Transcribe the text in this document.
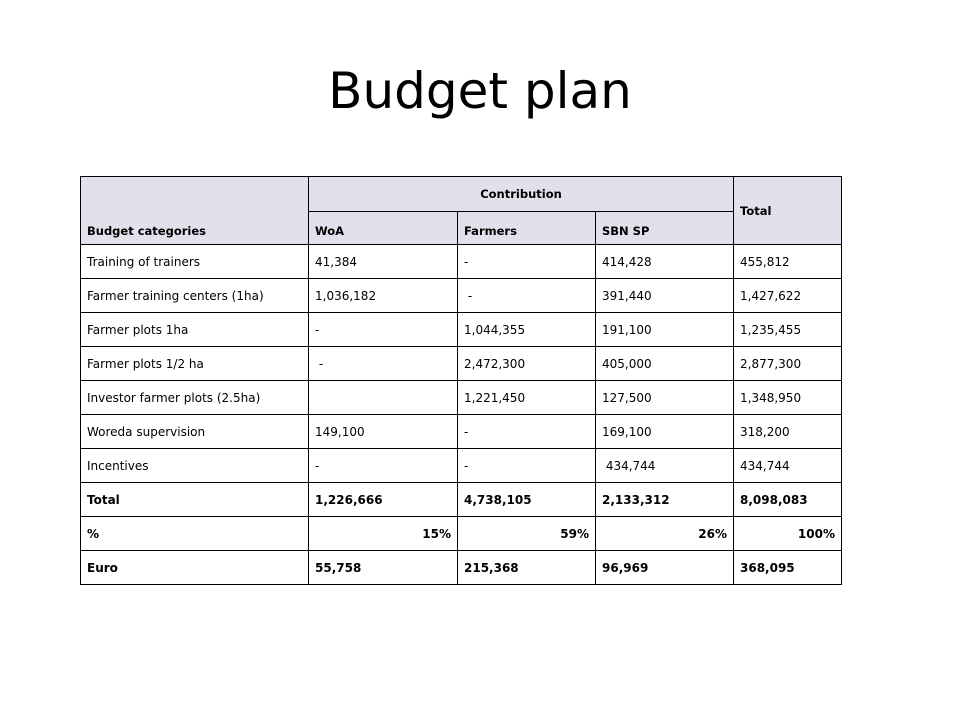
Budget plan
Budget categories	Contribution			Total
	WoA	Farmers	SBN SP	
Training of trainers	41,384	-	414,428	455,812
Farmer training centers (1ha)	1,036,182	-	391,440	1,427,622
Farmer plots 1ha	-	1,044,355	191,100	1,235,455
Farmer plots 1/2 ha	-	2,472,300	405,000	2,877,300
Investor farmer plots (2.5ha)		1,221,450	127,500	1,348,950
Woreda supervision	149,100	-	169,100	318,200
Incentives	-	-	434,744	434,744
Total	1,226,666	4,738,105	2,133,312	8,098,083
%	15%	59%	26%	100%
Euro	55,758	215,368	96,969	368,095
